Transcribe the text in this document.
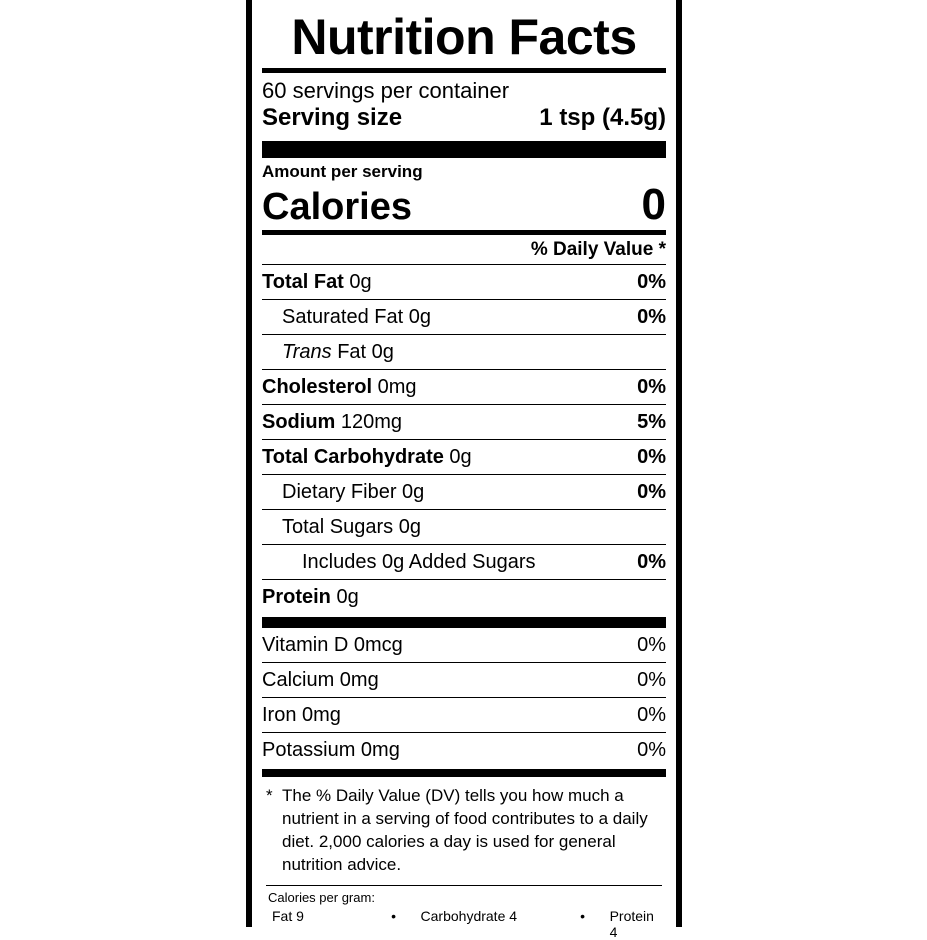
Nutrition Facts
60 servings per container
Serving size	1 tsp (4.5g)
Amount per serving
Calories	0
% Daily Value *
Total Fat 0g	0%
Saturated Fat 0g	0%
Trans Fat 0g
Cholesterol 0mg	0%
Sodium 120mg	5%
Total Carbohydrate 0g	0%
Dietary Fiber 0g	0%
Total Sugars 0g
Includes 0g Added Sugars	0%
Protein 0g
Vitamin D 0mcg	0%
Calcium 0mg	0%
Iron 0mg	0%
Potassium 0mg	0%
* The % Daily Value (DV) tells you how much a nutrient in a serving of food contributes to a daily diet. 2,000 calories a day is used for general nutrition advice.
Calories per gram:
Fat 9	•	Carbohydrate 4	•	Protein 4
